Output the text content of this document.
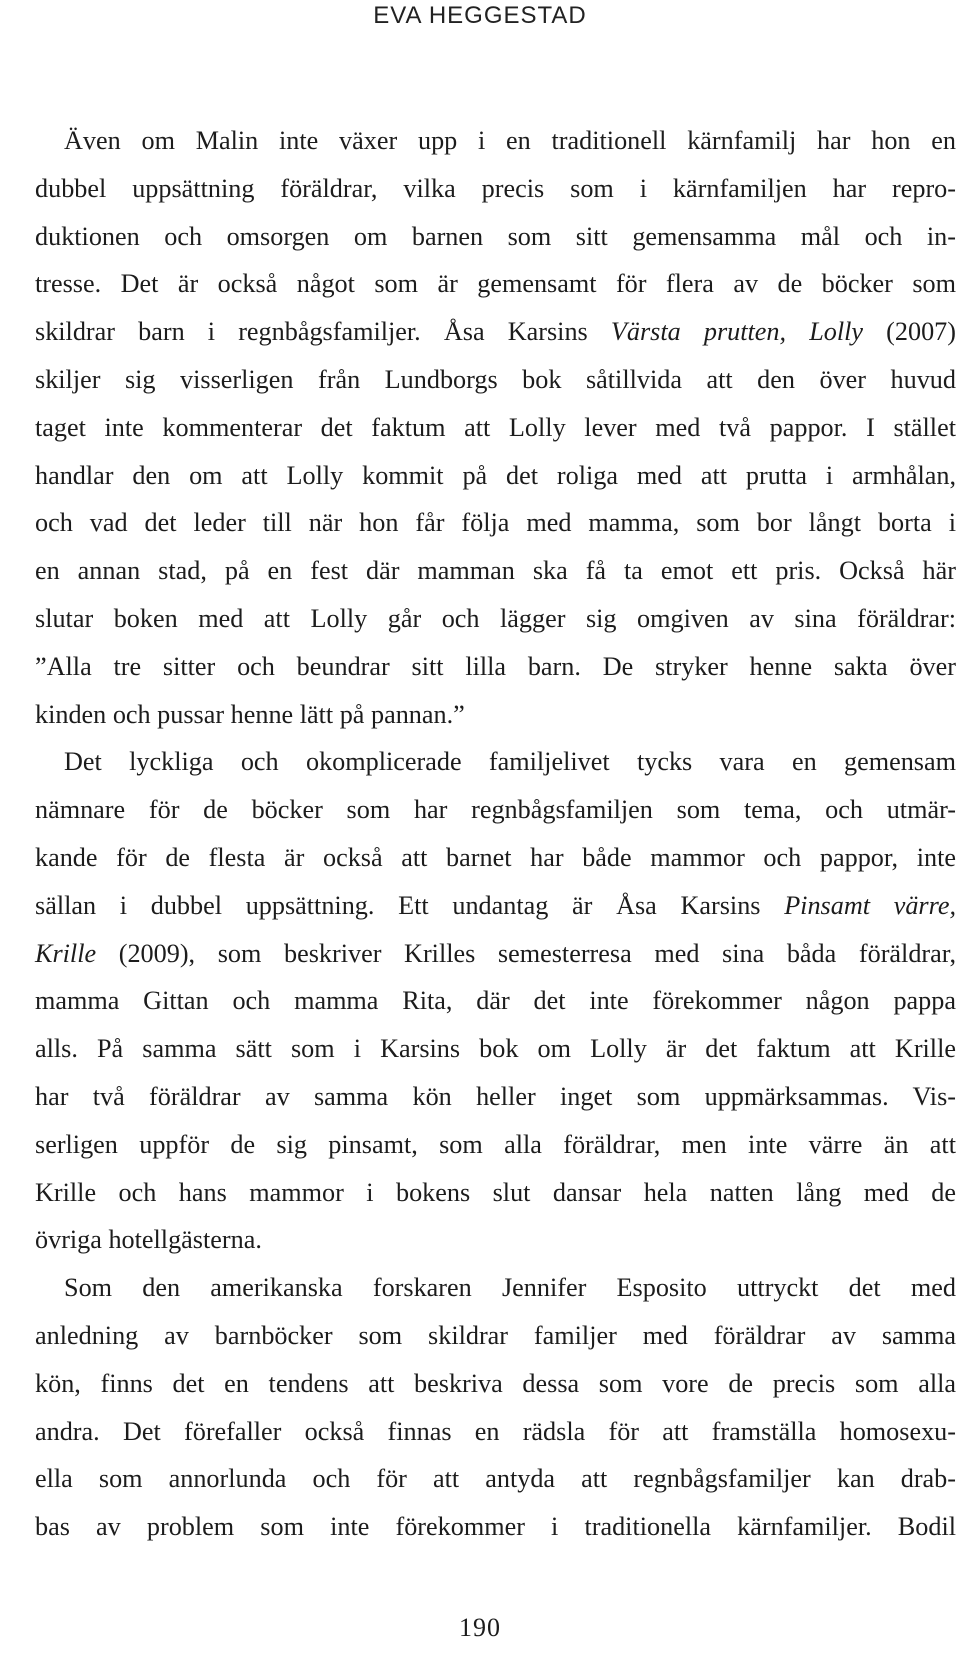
EVA HEGGESTAD
Även om Malin inte växer upp i en traditionell kärnfamilj har hon en
dubbel uppsättning föräldrar, vilka precis som i kärnfamiljen har repro-
duktionen och omsorgen om barnen som sitt gemensamma mål och in-
tresse. Det är också något som är gemensamt för flera av de böcker som
skildrar barn i regnbågsfamiljer. Åsa Karsins Värsta prutten, Lolly (2007)
skiljer sig visserligen från Lundborgs bok såtillvida att den över huvud
taget inte kommenterar det faktum att Lolly lever med två pappor. I stället
handlar den om att Lolly kommit på det roliga med att prutta i armhålan,
och vad det leder till när hon får följa med mamma, som bor långt borta i
en annan stad, på en fest där mamman ska få ta emot ett pris. Också här
slutar boken med att Lolly går och lägger sig omgiven av sina föräldrar:
”Alla tre sitter och beundrar sitt lilla barn. De stryker henne sakta över
kinden och pussar henne lätt på pannan.”
Det lyckliga och okomplicerade familjelivet tycks vara en gemensam
nämnare för de böcker som har regnbågsfamiljen som tema, och utmär-
kande för de flesta är också att barnet har både mammor och pappor, inte
sällan i dubbel uppsättning. Ett undantag är Åsa Karsins Pinsamt värre,
Krille (2009), som beskriver Krilles semesterresa med sina båda föräldrar,
mamma Gittan och mamma Rita, där det inte förekommer någon pappa
alls. På samma sätt som i Karsins bok om Lolly är det faktum att Krille
har två föräldrar av samma kön heller inget som uppmärksammas. Vis-
serligen uppför de sig pinsamt, som alla föräldrar, men inte värre än att
Krille och hans mammor i bokens slut dansar hela natten lång med de
övriga hotellgästerna.
Som den amerikanska forskaren Jennifer Esposito uttryckt det med
anledning av barnböcker som skildrar familjer med föräldrar av samma
kön, finns det en tendens att beskriva dessa som vore de precis som alla
andra. Det förefaller också finnas en rädsla för att framställa homosexu-
ella som annorlunda och för att antyda att regnbågsfamiljer kan drab-
bas av problem som inte förekommer i traditionella kärnfamiljer. Bodil
190
